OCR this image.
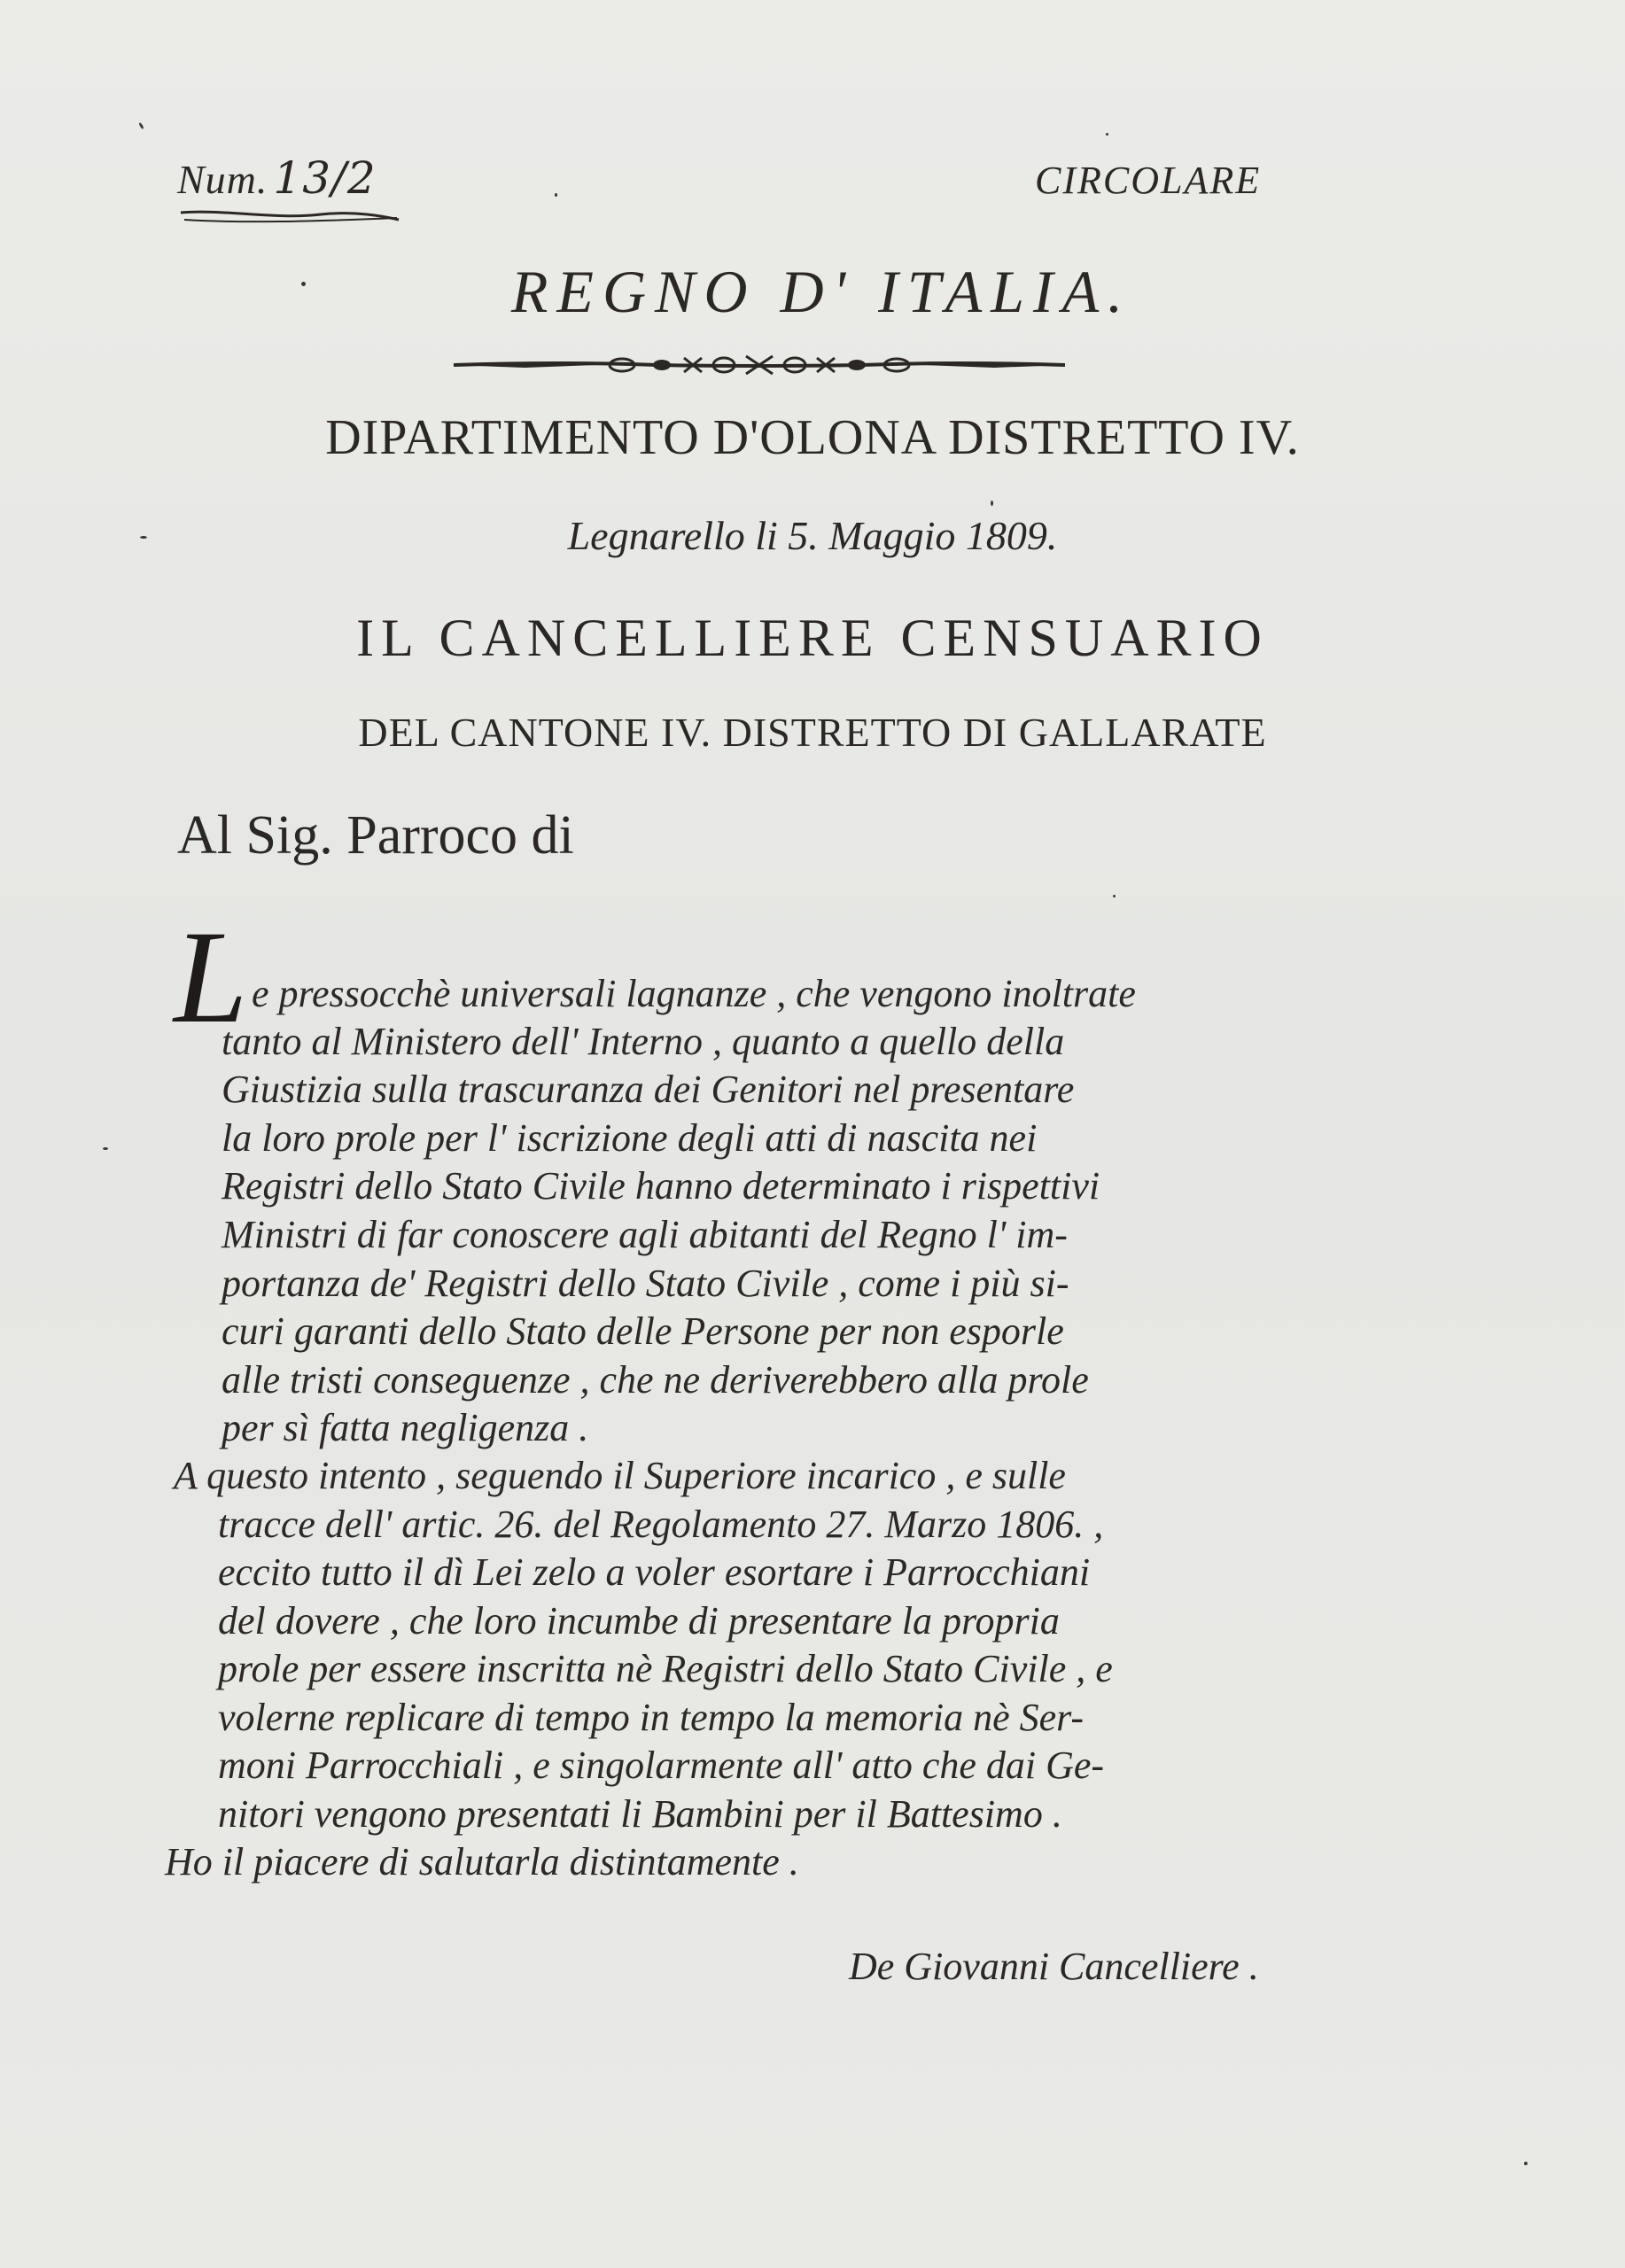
Num. 13/2	CIRCOLARE
REGNO D' ITALIA.
DIPARTIMENTO D'OLONA DISTRETTO IV.
Legnarello li 5. Maggio 1809.
IL CANCELLIERE CENSUARIO
DEL CANTONE IV. DISTRETTO DI GALLARATE
Al Sig. Parroco di
L e pressocchè universali lagnanze , che vengono inoltrate
tanto al Ministero dell' Interno , quanto a quello della
Giustizia sulla trascuranza dei Genitori nel presentare
la loro prole per l' iscrizione degli atti di nascita nei
Registri dello Stato Civile hanno determinato i rispettivi
Ministri di far conoscere agli abitanti del Regno l' im-
portanza de' Registri dello Stato Civile , come i più si-
curi garanti dello Stato delle Persone per non esporle
alle tristi conseguenze , che ne deriverebbero alla prole
per sì fatta negligenza .
A questo intento , seguendo il Superiore incarico , e sulle
tracce dell' artic. 26. del Regolamento 27. Marzo 1806. ,
eccito tutto il dì Lei zelo a voler esortare i Parrocchiani
del dovere , che loro incumbe di presentare la propria
prole per essere inscritta nè Registri dello Stato Civile , e
volerne replicare di tempo in tempo la memoria nè Ser-
moni Parrocchiali , e singolarmente all' atto che dai Ge-
nitori vengono presentati li Bambini per il Battesimo .
Ho il piacere di salutarla distintamente .
De Giovanni Cancelliere .
